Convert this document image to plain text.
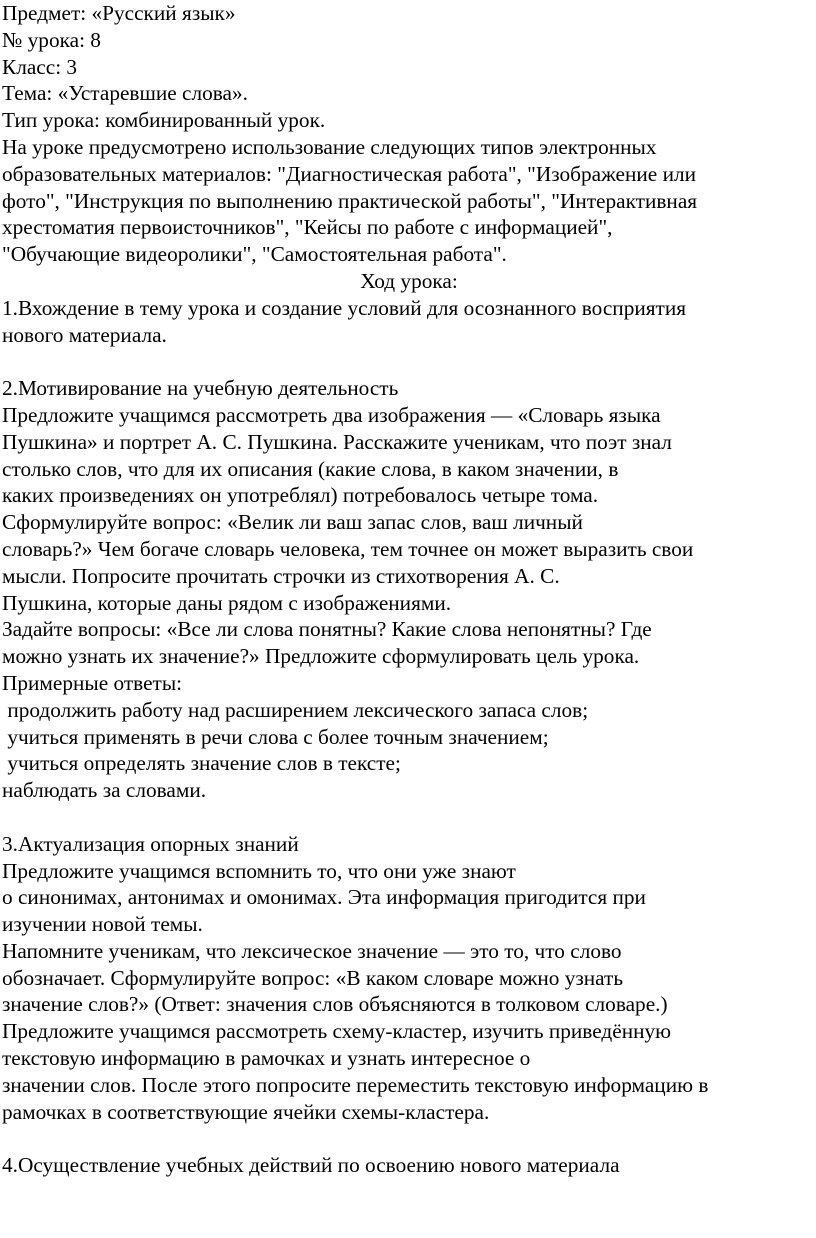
Предмет: «Русский язык»
№ урока: 8
Класс: 3
Тема: «Устаревшие слова».
Тип урока: комбинированный урок.
На уроке предусмотрено использование следующих типов электронных
образовательных материалов: "Диагностическая работа", "Изображение или
фото", "Инструкция по выполнению практической работы", "Интерактивная
хрестоматия первоисточников", "Кейсы по работе с информацией",
"Обучающие видеоролики", "Самостоятельная работа".
Ход урока:
1.Вхождение в тему урока и создание условий для осознанного восприятия
нового материала.
2.Мотивирование на учебную деятельность
Предложите учащимся рассмотреть два изображения — «Словарь языка
Пушкина» и портрет А. С. Пушкина. Расскажите ученикам, что поэт знал
столько слов, что для их описания (какие слова, в каком значении, в
каких произведениях он употреблял) потребовалось четыре тома.
Сформулируйте вопрос: «Велик ли ваш запас слов, ваш личный
словарь?» Чем богаче словарь человека, тем точнее он может выразить свои
мысли. Попросите прочитать строчки из стихотворения А. С.
Пушкина, которые даны рядом с изображениями.
Задайте вопросы: «Все ли слова понятны? Какие слова непонятны? Где
можно узнать их значение?» Предложите сформулировать цель урока.
Примерные ответы:
продолжить работу над расширением лексического запаса слов;
учиться применять в речи слова с более точным значением;
учиться определять значение слов в тексте;
наблюдать за словами.
3.Актуализация опорных знаний
Предложите учащимся вспомнить то, что они уже знают
о синонимах, антонимах и омонимах. Эта информация пригодится при
изучении новой темы.
Напомните ученикам, что лексическое значение — это то, что слово
обозначает. Сформулируйте вопрос: «В каком словаре можно узнать
значение слов?» (Ответ: значения слов объясняются в толковом словаре.)
Предложите учащимся рассмотреть схему-кластер, изучить приведённую
текстовую информацию в рамочках и узнать интересное о
значении слов. После этого попросите переместить текстовую информацию в
рамочках в соответствующие ячейки схемы-кластера.
4.Осуществление учебных действий по освоению нового материала
